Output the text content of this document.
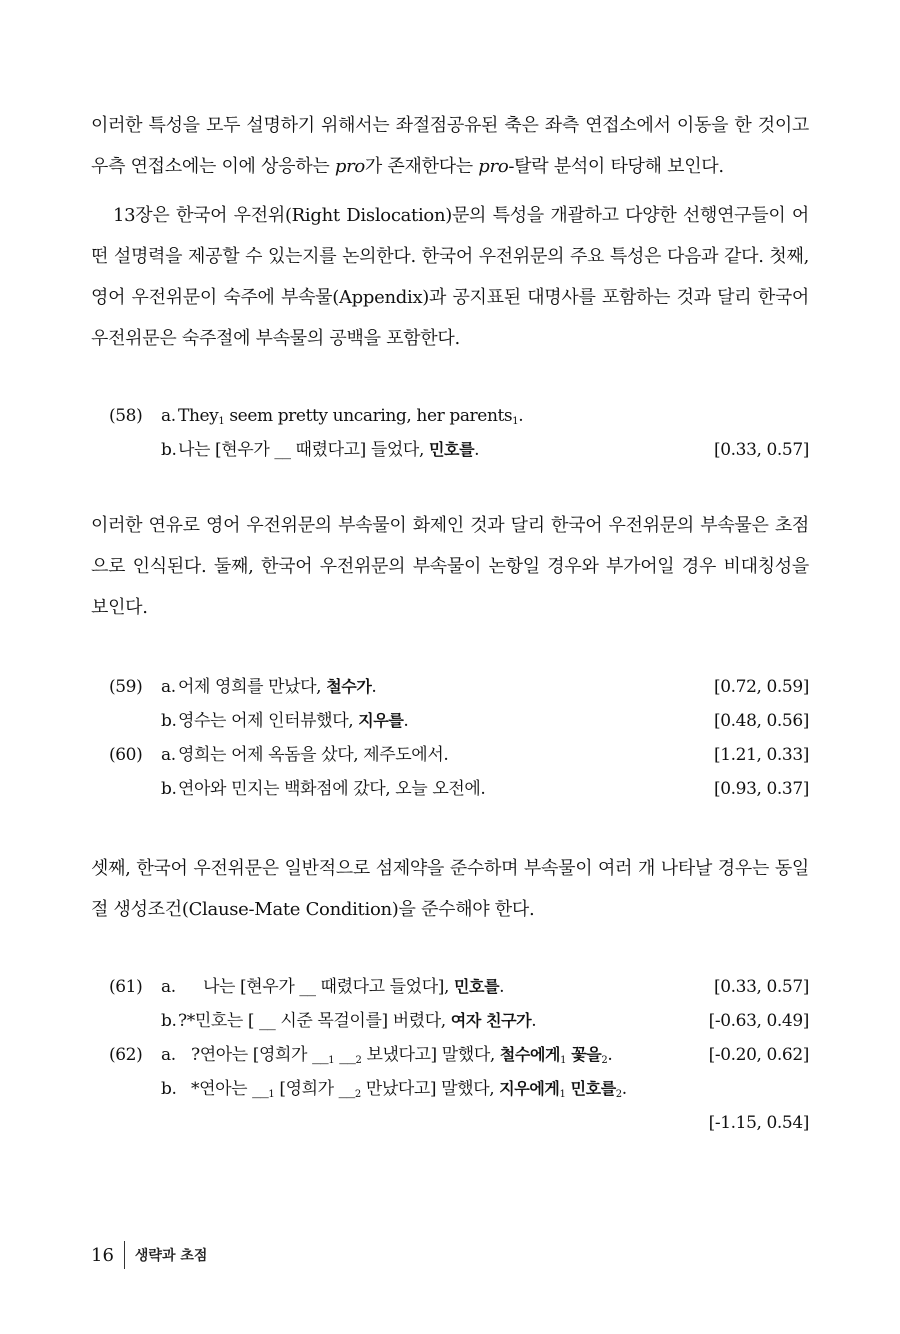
이러한 특성을 모두 설명하기 위해서는 좌절점공유된 축은 좌측 연접소에서 이동을 한 것이고 우측 연접소에는 이에 상응하는 pro가 존재한다는 pro-탈락 분석이 타당해 보인다.

13장은 한국어 우전위(Right Dislocation)문의 특성을 개괄하고 다양한 선행연구들이 어떤 설명력을 제공할 수 있는지를 논의한다. 한국어 우전위문의 주요 특성은 다음과 같다. 첫째, 영어 우전위문이 숙주에 부속물(Appendix)과 공지표된 대명사를 포함하는 것과 달리 한국어 우전위문은 숙주절에 부속물의 공백을 포함한다.

(58) a. They$_1$ seem pretty uncaring, her parents$_1$.
b. 나는 [현우가 __ 때렸다고] 들었다, 민호를.	[0.33, 0.57]

이러한 연유로 영어 우전위문의 부속물이 화제인 것과 달리 한국어 우전위문의 부속물은 초점으로 인식된다. 둘째, 한국어 우전위문의 부속물이 논항일 경우와 부가어일 경우 비대칭성을 보인다.

(59) a. 어제 영희를 만났다, 철수가.	[0.72, 0.59]
b. 영수는 어제 인터뷰했다, 지우를.	[0.48, 0.56]
(60) a. 영희는 어제 옥돔을 샀다, 제주도에서.	[1.21, 0.33]
b. 연아와 민지는 백화점에 갔다, 오늘 오전에.	[0.93, 0.37]

셋째, 한국어 우전위문은 일반적으로 섬제약을 준수하며 부속물이 여러 개 나타날 경우는 동일절 생성조건(Clause-Mate Condition)을 준수해야 한다.

(61) a. 나는 [현우가 __ 때렸다고 들었다], 민호를.	[0.33, 0.57]
b. ?*민호는 [ __ 시준 목걸이를] 버렸다, 여자 친구가.	[-0.63, 0.49]
(62) a. ?연아는 [영희가 $\_\__1$ $\_\__2$ 보냈다고] 말했다, 철수에게$_1$ 꽃을$_2$.	[-0.20, 0.62]
b. *연아는 $\_\__1$ [영희가 $\_\__2$ 만났다고] 말했다, 지우에게$_1$ 민호를$_2$.
[-1.15, 0.54]
16 생략과 초점
